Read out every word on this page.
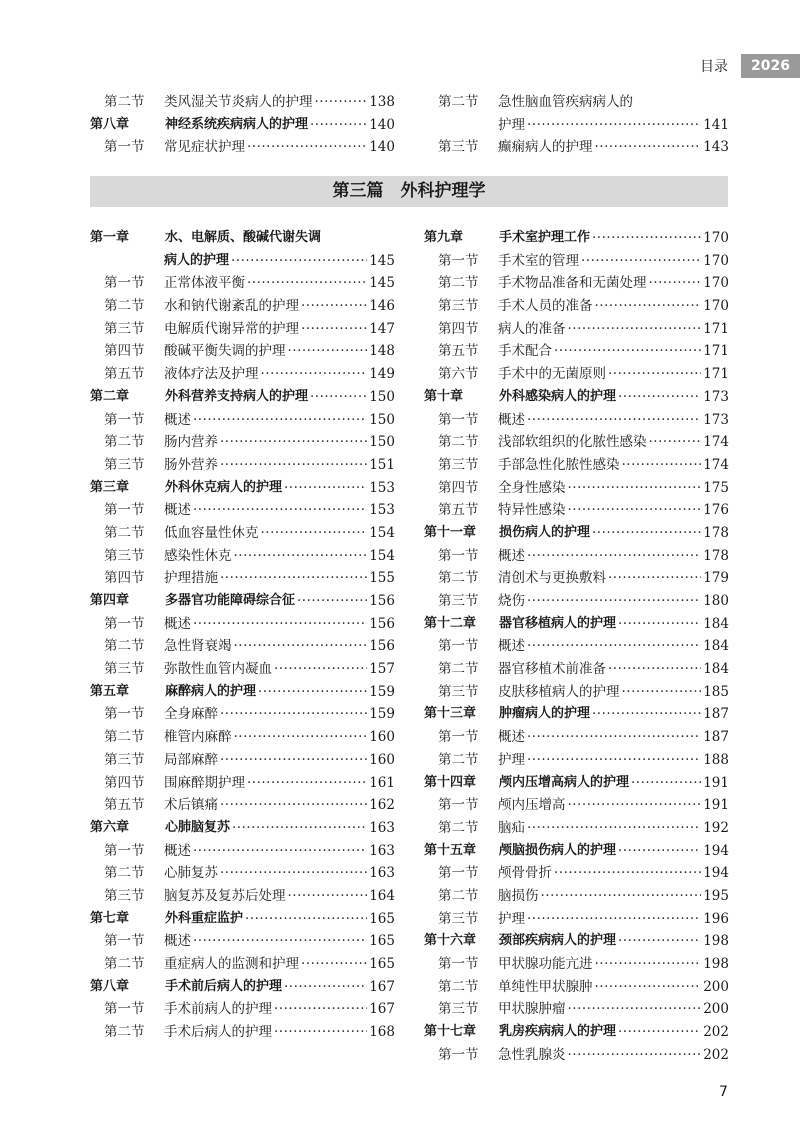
目录	2026
第二节	类风湿关节炎病人的护理 ·····	138
第八章	神经系统疾病病人的护理 ·····	140
第一节	常见症状护理 ·····	140
第二节	急性脑血管疾病病人的
护理 ·····	141
第三节	癫痫病人的护理 ·····	143
第三篇　外科护理学
第一章	水、电解质、酸碱代谢失调
病人的护理 ·····	145
第一节	正常体液平衡 ·····	145
第二节	水和钠代谢紊乱的护理 ·····	146
第三节	电解质代谢异常的护理 ·····	147
第四节	酸碱平衡失调的护理 ·····	148
第五节	液体疗法及护理 ·····	149
第二章	外科营养支持病人的护理 ·····	150
第一节	概述 ·····	150
第二节	肠内营养 ·····	150
第三节	肠外营养 ·····	151
第三章	外科休克病人的护理 ·····	153
第一节	概述 ·····	153
第二节	低血容量性休克 ·····	154
第三节	感染性休克 ·····	154
第四节	护理措施 ·····	155
第四章	多器官功能障碍综合征 ·····	156
第一节	概述 ·····	156
第二节	急性肾衰竭 ·····	156
第三节	弥散性血管内凝血 ·····	157
第五章	麻醉病人的护理 ·····	159
第一节	全身麻醉 ·····	159
第二节	椎管内麻醉 ·····	160
第三节	局部麻醉 ·····	160
第四节	围麻醉期护理 ·····	161
第五节	术后镇痛 ·····	162
第六章	心肺脑复苏 ·····	163
第一节	概述 ·····	163
第二节	心肺复苏 ·····	163
第三节	脑复苏及复苏后处理 ·····	164
第七章	外科重症监护 ·····	165
第一节	概述 ·····	165
第二节	重症病人的监测和护理 ·····	165
第八章	手术前后病人的护理 ·····	167
第一节	手术前病人的护理 ·····	167
第二节	手术后病人的护理 ·····	168
第九章	手术室护理工作 ·····	170
第一节	手术室的管理 ·····	170
第二节	手术物品准备和无菌处理 ·····	170
第三节	手术人员的准备 ·····	170
第四节	病人的准备 ·····	171
第五节	手术配合 ·····	171
第六节	手术中的无菌原则 ·····	171
第十章	外科感染病人的护理 ·····	173
第一节	概述 ·····	173
第二节	浅部软组织的化脓性感染 ·····	174
第三节	手部急性化脓性感染 ·····	174
第四节	全身性感染 ·····	175
第五节	特异性感染 ·····	176
第十一章	损伤病人的护理 ·····	178
第一节	概述 ·····	178
第二节	清创术与更换敷料 ·····	179
第三节	烧伤 ·····	180
第十二章	器官移植病人的护理 ·····	184
第一节	概述 ·····	184
第二节	器官移植术前准备 ·····	184
第三节	皮肤移植病人的护理 ·····	185
第十三章	肿瘤病人的护理 ·····	187
第一节	概述 ·····	187
第二节	护理 ·····	188
第十四章	颅内压增高病人的护理 ·····	191
第一节	颅内压增高 ·····	191
第二节	脑疝 ·····	192
第十五章	颅脑损伤病人的护理 ·····	194
第一节	颅骨骨折 ·····	194
第二节	脑损伤 ·····	195
第三节	护理 ·····	196
第十六章	颈部疾病病人的护理 ·····	198
第一节	甲状腺功能亢进 ·····	198
第二节	单纯性甲状腺肿 ·····	200
第三节	甲状腺肿瘤 ·····	200
第十七章	乳房疾病病人的护理 ·····	202
第一节	急性乳腺炎 ·····	202
7
